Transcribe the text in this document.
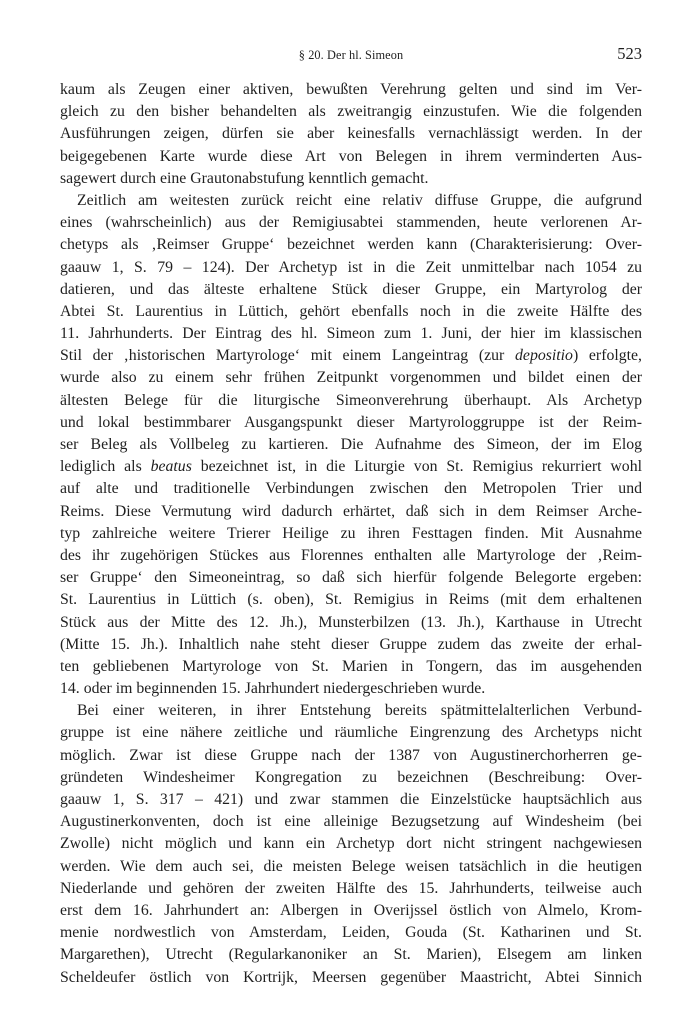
§ 20. Der hl. Simeon	523
kaum als Zeugen einer aktiven, bewußten Verehrung gelten und sind im Ver-
gleich zu den bisher behandelten als zweitrangig einzustufen. Wie die folgenden
Ausführungen zeigen, dürfen sie aber keinesfalls vernachlässigt werden. In der
beigegebenen Karte wurde diese Art von Belegen in ihrem verminderten Aus-
sagewert durch eine Grautonabstufung kenntlich gemacht.
Zeitlich am weitesten zurück reicht eine relativ diffuse Gruppe, die aufgrund
eines (wahrscheinlich) aus der Remigiusabtei stammenden, heute verlorenen Ar-
chetyps als ‚Reimser Gruppe‘ bezeichnet werden kann (Charakterisierung: Over-
gaauw 1, S. 79 – 124). Der Archetyp ist in die Zeit unmittelbar nach 1054 zu
datieren, und das älteste erhaltene Stück dieser Gruppe, ein Martyrolog der
Abtei St. Laurentius in Lüttich, gehört ebenfalls noch in die zweite Hälfte des
11. Jahrhunderts. Der Eintrag des hl. Simeon zum 1. Juni, der hier im klassischen
Stil der ‚historischen Martyrologe‘ mit einem Langeintrag (zur depositio) erfolgte,
wurde also zu einem sehr frühen Zeitpunkt vorgenommen und bildet einen der
ältesten Belege für die liturgische Simeonverehrung überhaupt. Als Archetyp
und lokal bestimmbarer Ausgangspunkt dieser Martyrologgruppe ist der Reim-
ser Beleg als Vollbeleg zu kartieren. Die Aufnahme des Simeon, der im Elog
lediglich als beatus bezeichnet ist, in die Liturgie von St. Remigius rekurriert wohl
auf alte und traditionelle Verbindungen zwischen den Metropolen Trier und
Reims. Diese Vermutung wird dadurch erhärtet, daß sich in dem Reimser Arche-
typ zahlreiche weitere Trierer Heilige zu ihren Festtagen finden. Mit Ausnahme
des ihr zugehörigen Stückes aus Florennes enthalten alle Martyrologe der ‚Reim-
ser Gruppe‘ den Simeoneintrag, so daß sich hierfür folgende Belegorte ergeben:
St. Laurentius in Lüttich (s. oben), St. Remigius in Reims (mit dem erhaltenen
Stück aus der Mitte des 12. Jh.), Munsterbilzen (13. Jh.), Karthause in Utrecht
(Mitte 15. Jh.). Inhaltlich nahe steht dieser Gruppe zudem das zweite der erhal-
ten gebliebenen Martyrologe von St. Marien in Tongern, das im ausgehenden
14. oder im beginnenden 15. Jahrhundert niedergeschrieben wurde.
Bei einer weiteren, in ihrer Entstehung bereits spätmittelalterlichen Verbund-
gruppe ist eine nähere zeitliche und räumliche Eingrenzung des Archetyps nicht
möglich. Zwar ist diese Gruppe nach der 1387 von Augustinerchorherren ge-
gründeten Windesheimer Kongregation zu bezeichnen (Beschreibung: Over-
gaauw 1, S. 317 – 421) und zwar stammen die Einzelstücke hauptsächlich aus
Augustinerkonventen, doch ist eine alleinige Bezugsetzung auf Windesheim (bei
Zwolle) nicht möglich und kann ein Archetyp dort nicht stringent nachgewiesen
werden. Wie dem auch sei, die meisten Belege weisen tatsächlich in die heutigen
Niederlande und gehören der zweiten Hälfte des 15. Jahrhunderts, teilweise auch
erst dem 16. Jahrhundert an: Albergen in Overijssel östlich von Almelo, Krom-
menie nordwestlich von Amsterdam, Leiden, Gouda (St. Katharinen und St.
Margarethen), Utrecht (Regularkanoniker an St. Marien), Elsegem am linken
Scheldeufer östlich von Kortrijk, Meersen gegenüber Maastricht, Abtei Sinnich
